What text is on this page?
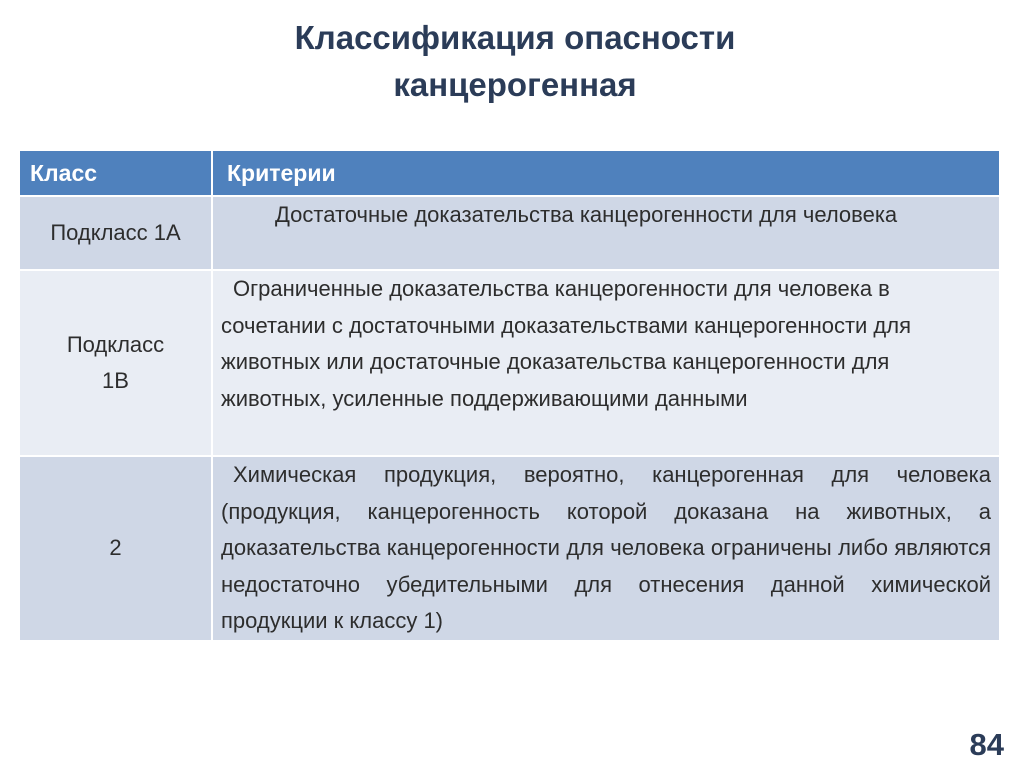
Классификация опасности
канцерогенная
Класс	Критерии
Подкласс 1А	Достаточные доказательства канцерогенности для человека
Подкласс 1В	Ограниченные доказательства канцерогенности для человека в сочетании с достаточными доказательствами канцерогенности для животных или достаточные доказательства канцерогенности для животных, усиленные поддерживающими данными
2	Химическая продукция, вероятно, канцерогенная для человека (продукция, канцерогенность которой доказана на животных, а доказательства канцерогенности для человека ограничены либо являются недостаточно убедительными для отнесения данной химической продукции к классу 1)
84
